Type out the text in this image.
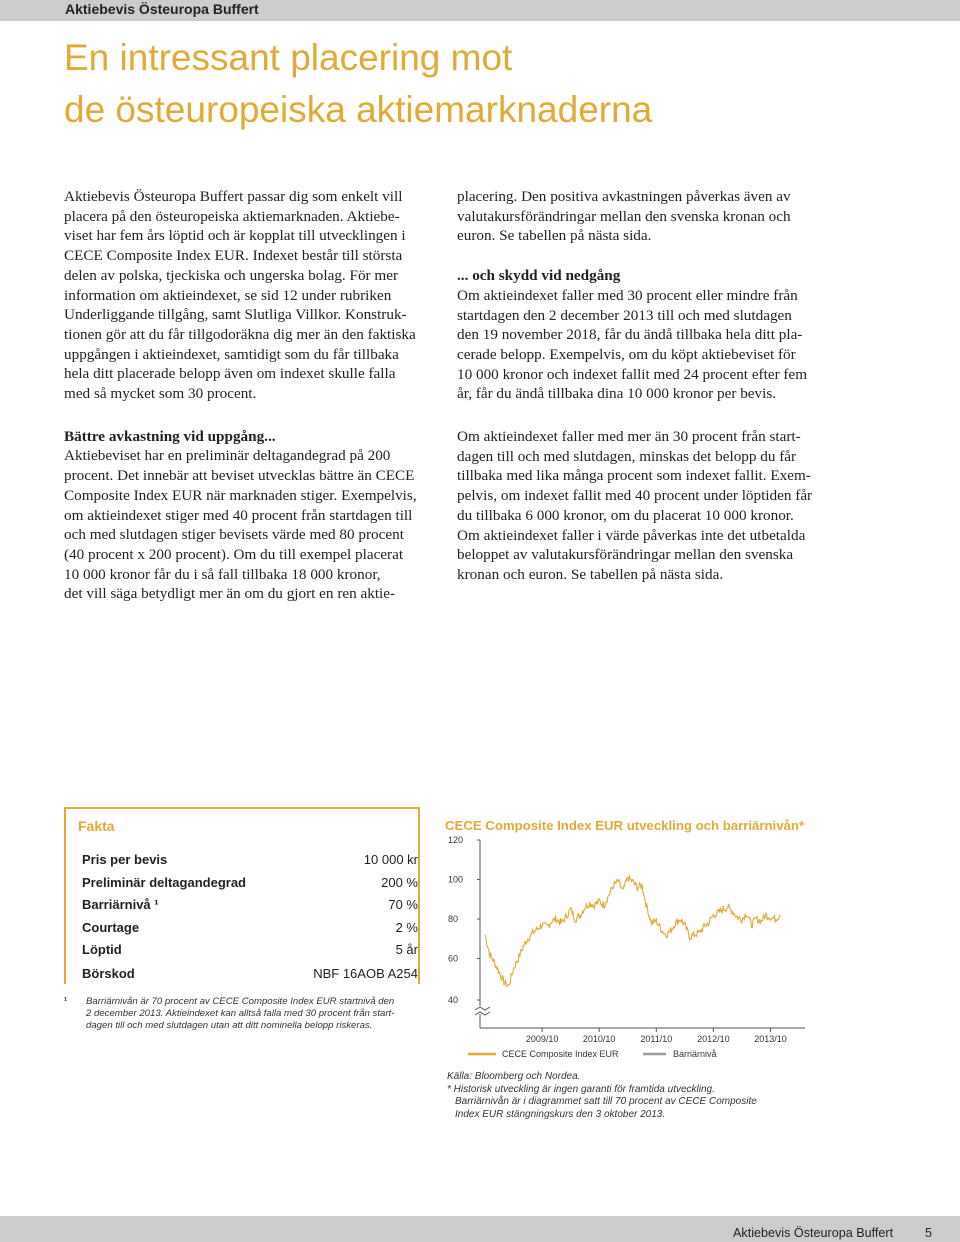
Aktiebevis Östeuropa Buffert
En intressant placering mot
de östeuropeiska aktiemarknaderna

Aktiebevis Östeuropa Buffert passar dig som enkelt vill
placera på den östeuropeiska aktiemarknaden. Aktiebe-
viset har fem års löptid och är kopplat till utvecklingen i
CECE Composite Index EUR. Indexet består till största
delen av polska, tjeckiska och ungerska bolag. För mer
information om aktieindexet, se sid 12 under rubriken
Underliggande tillgång, samt Slutliga Villkor. Konstruk-
tionen gör att du får tillgodoräkna dig mer än den faktiska
uppgången i aktieindexet, samtidigt som du får tillbaka
hela ditt placerade belopp även om indexet skulle falla
med så mycket som 30 procent.

Bättre avkastning vid uppgång...

Aktiebeviset har en preliminär deltagandegrad på 200
procent. Det innebär att beviset utvecklas bättre än CECE
Composite Index EUR när marknaden stiger. Exempelvis,
om aktieindexet stiger med 40 procent från startdagen till
och med slutdagen stiger bevisets värde med 80 procent
(40 procent x 200 procent). Om du till exempel placerat
10 000 kronor får du i så fall tillbaka 18 000 kronor,
det vill säga betydligt mer än om du gjort en ren aktie-

placering. Den positiva avkastningen påverkas även av
valutakursförändringar mellan den svenska kronan och
euron. Se tabellen på nästa sida.

... och skydd vid nedgång

Om aktieindexet faller med 30 procent eller mindre från
startdagen den 2 december 2013 till och med slutdagen
den 19 november 2018, får du ändå tillbaka hela ditt pla-
cerade belopp. Exempelvis, om du köpt aktiebeviset för
10 000 kronor och indexet fallit med 24 procent efter fem
år, får du ändå tillbaka dina 10 000 kronor per bevis.

Om aktieindexet faller med mer än 30 procent från start-
dagen till och med slutdagen, minskas det belopp du får
tillbaka med lika många procent som indexet fallit. Exem-
pelvis, om indexet fallit med 40 procent under löptiden får
du tillbaka 6 000 kronor, om du placerat 10 000 kronor.
Om aktieindexet faller i värde påverkas inte det utbetalda
beloppet av valutakursförändringar mellan den svenska
kronan och euron. Se tabellen på nästa sida.

Fakta
Pris per bevis	10 000 kr
Preliminär deltagandegrad	200 %
Barriärnivå ¹	70 %
Courtage	2 %
Löptid	5 år
Börskod	NBF 16AOB A254
¹	Barriärnivån är 70 procent av CECE Composite Index EUR startnivå den
2 december 2013. Aktieindexet kan alltså falla med 30 procent från start-
dagen till och med slutdagen utan att ditt nominella belopp riskeras.
CECE Composite Index EUR utveckling och barriärnivån*
120
100
80
60
40
2009/10	2010/10	2011/10	2012/10	2013/10
CECE Composite Index EUR	Barriärnivå

Källa: Bloomberg och Nordea.

* Historisk utveckling är ingen garanti för framtida utveckling.

Barriärnivån är i diagrammet satt till 70 procent av CECE Composite

Index EUR stängningskurs den 3 oktober 2013.

Aktiebevis Östeuropa Buffert	5
